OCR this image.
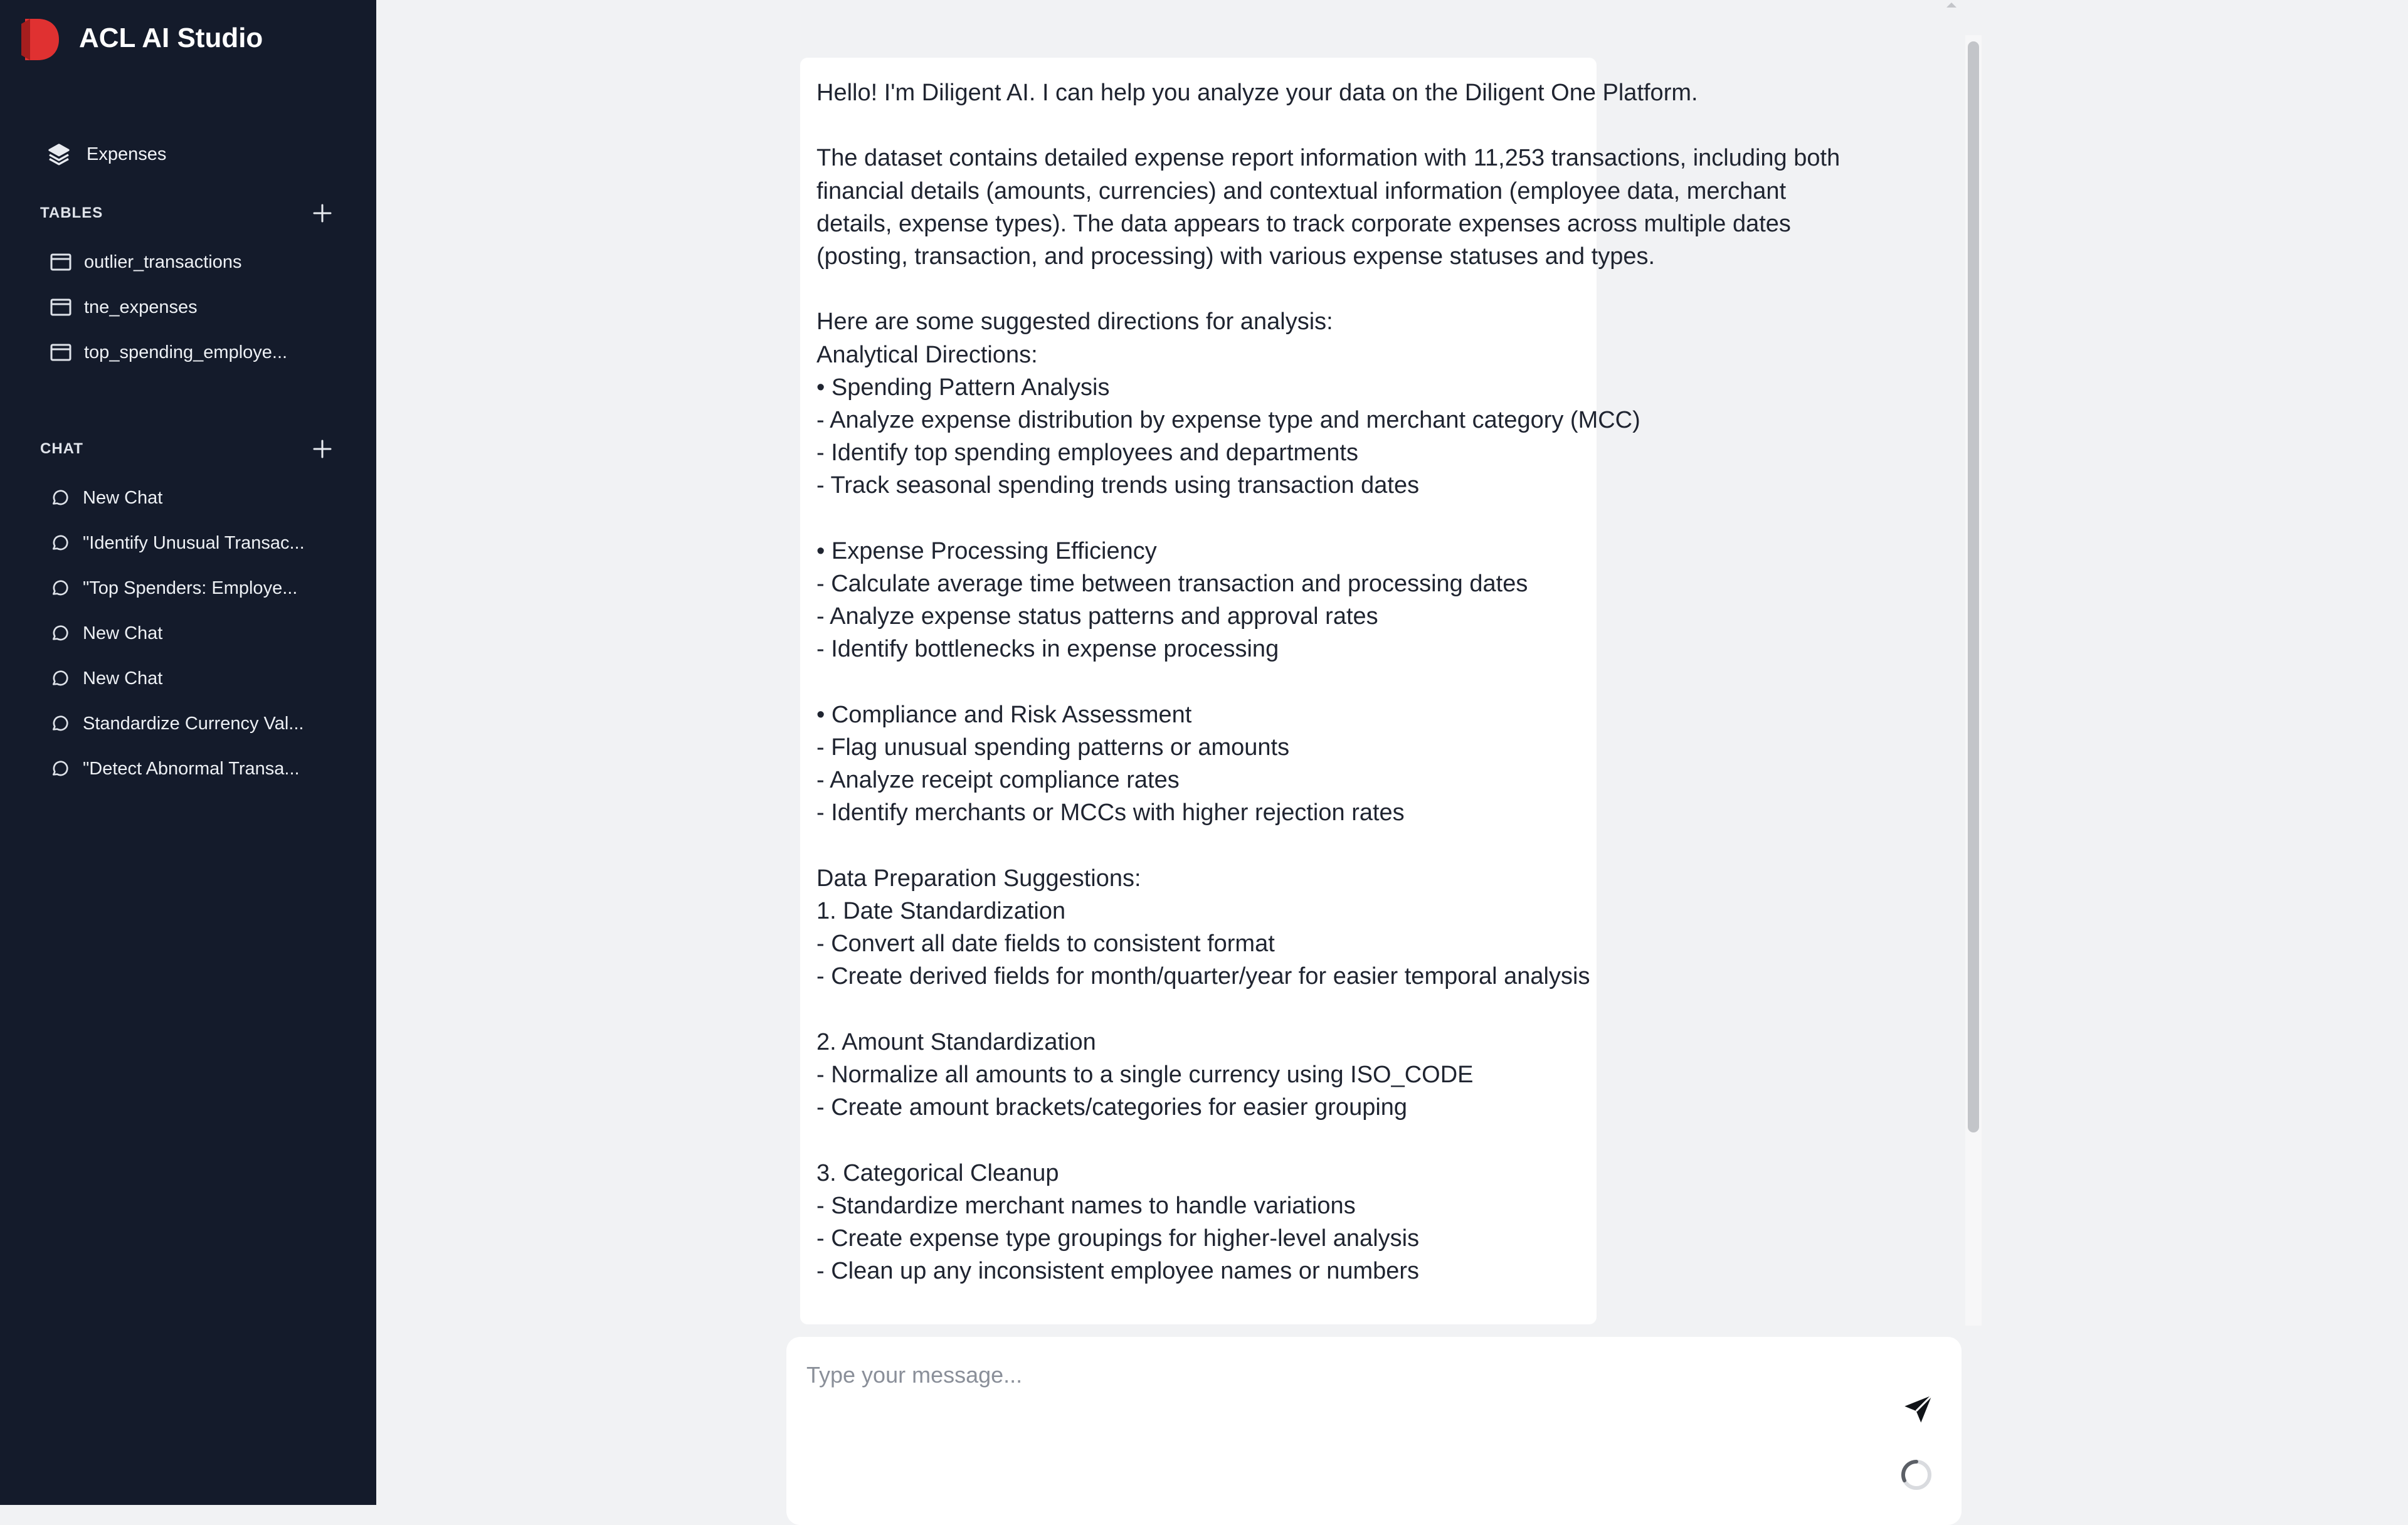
ACL AI Studio
Expenses
TABLES
outlier_transactions
tne_expenses
top_spending_employe...
CHAT
New Chat
"Identify Unusual Transac...
"Top Spenders: Employe...
New Chat
New Chat
Standardize Currency Val...
"Detect Abnormal Transa...
Hello! I'm Diligent AI. I can help you analyze your data on the Diligent One Platform.

The dataset contains detailed expense report information with 11,253 transactions, including both
financial details (amounts, currencies) and contextual information (employee data, merchant
details, expense types). The data appears to track corporate expenses across multiple dates
(posting, transaction, and processing) with various expense statuses and types.

Here are some suggested directions for analysis:
Analytical Directions:
• Spending Pattern Analysis
- Analyze expense distribution by expense type and merchant category (MCC)
- Identify top spending employees and departments
- Track seasonal spending trends using transaction dates

• Expense Processing Efficiency
- Calculate average time between transaction and processing dates
- Analyze expense status patterns and approval rates
- Identify bottlenecks in expense processing

• Compliance and Risk Assessment
- Flag unusual spending patterns or amounts
- Analyze receipt compliance rates
- Identify merchants or MCCs with higher rejection rates

Data Preparation Suggestions:
1. Date Standardization
- Convert all date fields to consistent format
- Create derived fields for month/quarter/year for easier temporal analysis

2. Amount Standardization
- Normalize all amounts to a single currency using ISO_CODE
- Create amount brackets/categories for easier grouping

3. Categorical Cleanup
- Standardize merchant names to handle variations
- Create expense type groupings for higher-level analysis
- Clean up any inconsistent employee names or numbers
Type your message...
